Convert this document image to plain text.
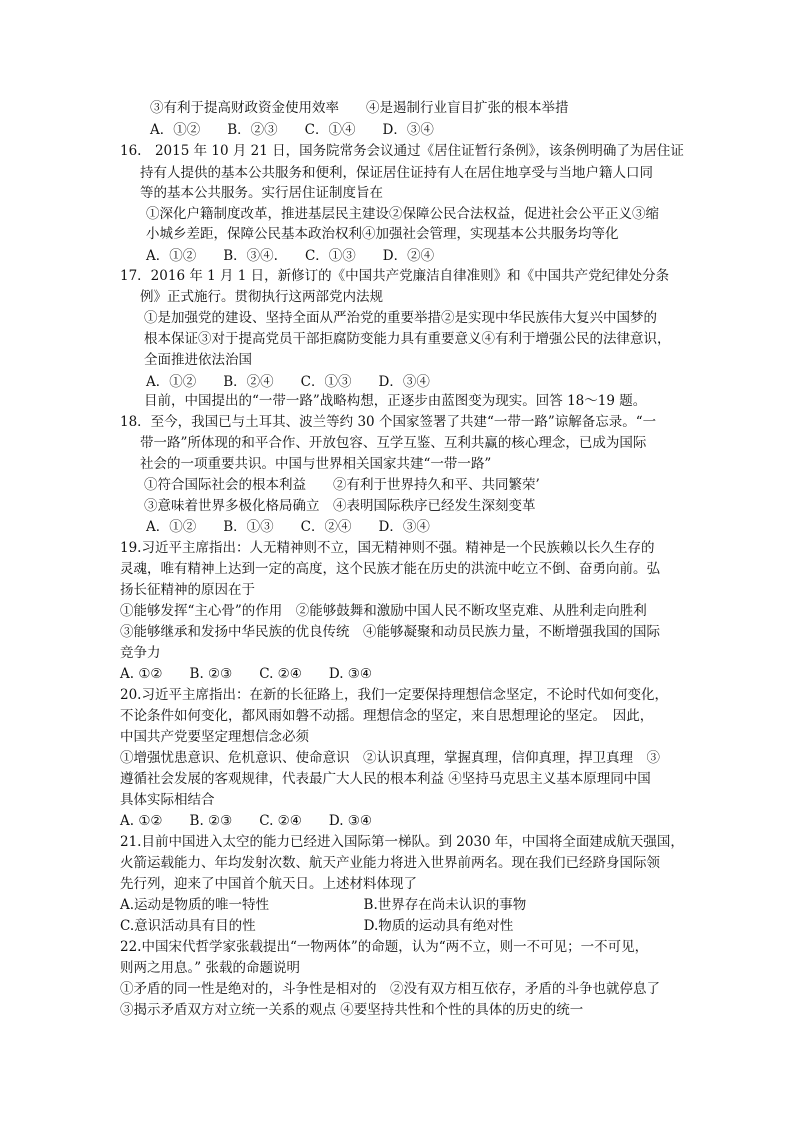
③有利于提高财政资金使用效率　　④是遏制行业盲目扩张的根本举措
A．①②　　B．②③　　C．①④　　D．③④
16.　2015 年 10 月 21 日，国务院常务会议通过《居住证暂行条例》，该条例明确了为居住证
持有人提供的基本公共服务和便利，保证居住证持有人在居住地享受与当地户籍人口同
等的基本公共服务。实行居住证制度旨在
①深化户籍制度改革，推进基层民主建设②保障公民合法权益，促进社会公平正义③缩
小城乡差距，保障公民基本政治权利④加强社会管理，实现基本公共服务均等化
A．①②　　B．③④.　　C．①③　　D．②④
17．2016 年 1 月 1 日，新修订的《中国共产党廉洁自律准则》和《中国共产党纪律处分条
例》正式施行。贯彻执行这两部党内法规
①是加强党的建设、坚持全面从严治党的重要举措②是实现中华民族伟大复兴中国梦的
根本保证③对于提高党员干部拒腐防变能力具有重要意义④有利于增强公民的法律意识，
全面推进依法治国
A．①②　　B．②④　　C．①③　　D．③④
目前，中国提出的“一带一路”战略构想，正逐步由蓝图变为现实。回答 18～19 题。
18．至今，我国已与土耳其、波兰等约 30 个国家签署了共建“一带一路”谅解备忘录。“一
带一路”所体现的和平合作、开放包容、互学互鉴、互利共赢的核心理念，已成为国际
社会的一项重要共识。中国与世界相关国家共建“一带一路”
①符合国际社会的根本利益　　②有利于世界持久和平、共同繁荣’
③意味着世界多极化格局确立　④表明国际秩序已经发生深刻变革
A．①②　　B．①③　　C．②④　　D．③④
19.习近平主席指出：人无精神则不立，国无精神则不强。精神是一个民族赖以长久生存的
灵魂，唯有精神上达到一定的高度，这个民族才能在历史的洪流中屹立不倒、奋勇向前。弘
扬长征精神的原因在于
①能够发挥“主心骨”的作用　②能够鼓舞和激励中国人民不断攻坚克难、从胜利走向胜利
③能够继承和发扬中华民族的优良传统　④能够凝聚和动员民族力量，不断增强我国的国际
竞争力
A. ①②　　B. ②③　　C. ②④　　D. ③④
20.习近平主席指出：在新的长征路上，我们一定要保持理想信念坚定，不论时代如何变化，
不论条件如何变化，都风雨如磐不动摇。理想信念的坚定，来自思想理论的坚定。　因此，
中国共产党要坚定理想信念必须
①增强忧患意识、危机意识、使命意识　②认识真理，掌握真理，信仰真理，捍卫真理　③
遵循社会发展的客观规律，代表最广大人民的根本利益 ④坚持马克思主义基本原理同中国
具体实际相结合
A. ①②　　B. ②③　　C. ②④　　D. ③④
21.目前中国进入太空的能力已经进入国际第一梯队。到 2030 年，中国将全面建成航天强国，
火箭运载能力、年均发射次数、航天产业能力将进入世界前两名。现在我们已经跻身国际领
先行列，迎来了中国首个航天日。上述材料体现了
A.运动是物质的唯一特性　　　　　　　B.世界存在尚未认识的事物
C.意识活动具有目的性　　　　　　　　D.物质的运动具有绝对性
22.中国宋代哲学家张载提出“一物两体”的命题，认为“两不立，则一不可见；一不可见，
则两之用息。” 张载的命题说明
①矛盾的同一性是绝对的，斗争性是相对的　②没有双方相互依存，矛盾的斗争也就停息了
③揭示矛盾双方对立统一关系的观点 ④要坚持共性和个性的具体的历史的统一
